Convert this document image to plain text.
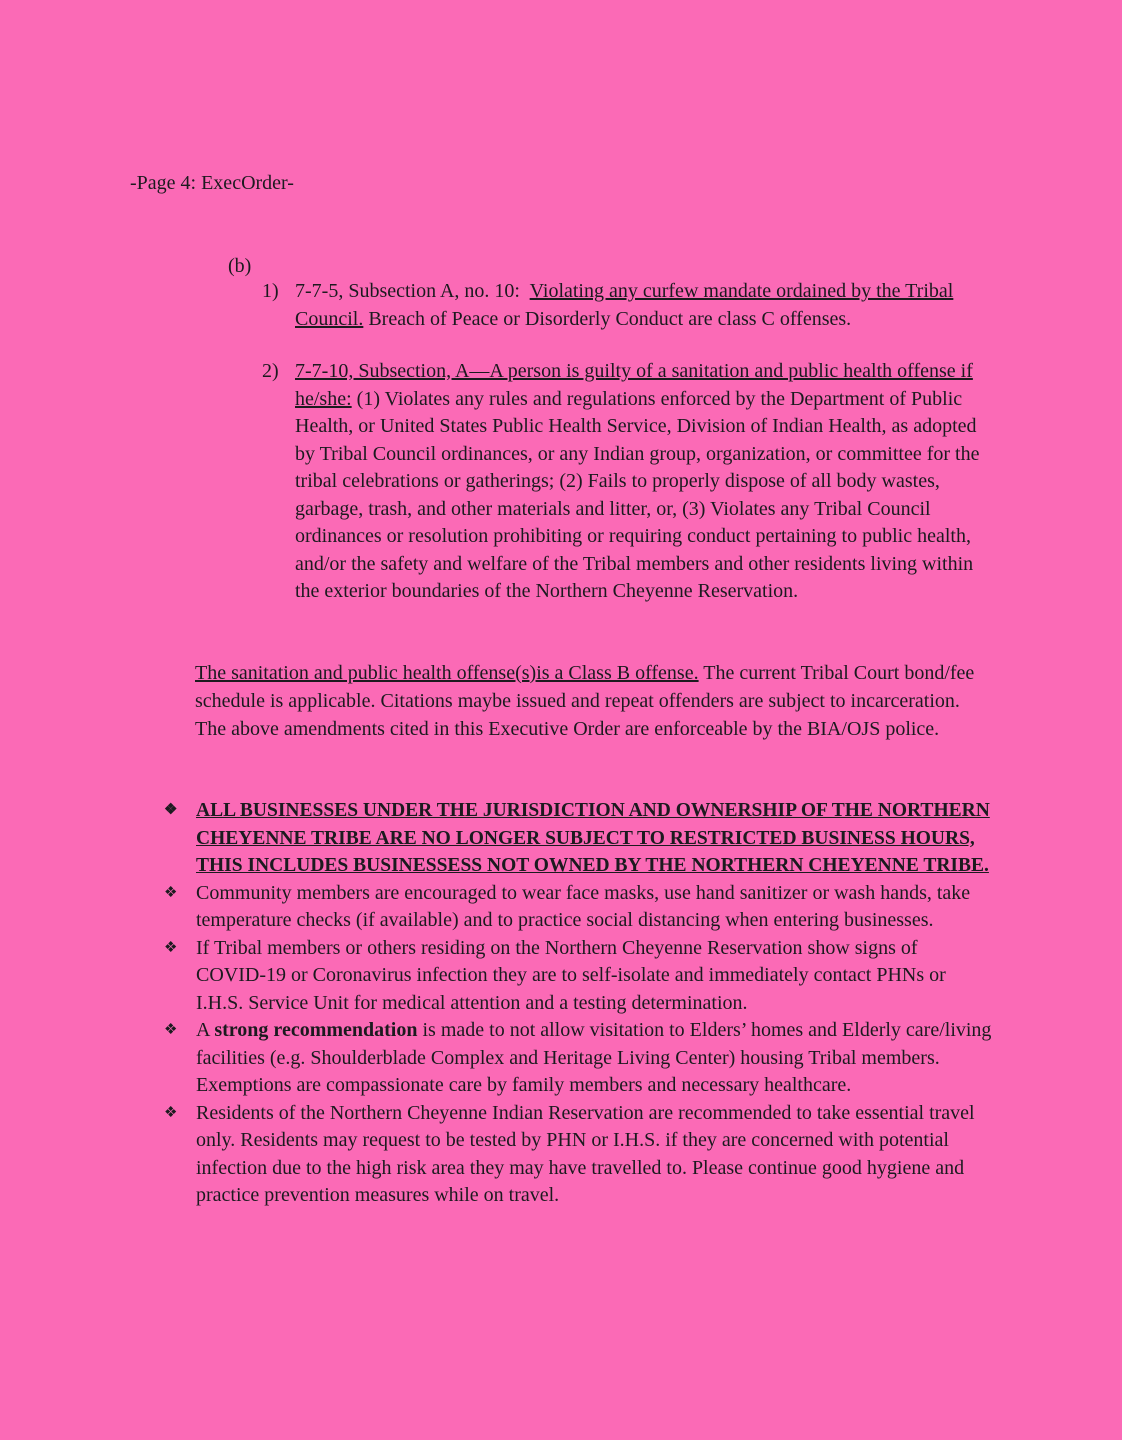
-Page 4: ExecOrder-
(b)
1) 7-7-5, Subsection A, no. 10: Violating any curfew mandate ordained by the Tribal Council. Breach of Peace or Disorderly Conduct are class C offenses.
2) 7-7-10, Subsection, A—A person is guilty of a sanitation and public health offense if he/she: (1) Violates any rules and regulations enforced by the Department of Public Health, or United States Public Health Service, Division of Indian Health, as adopted by Tribal Council ordinances, or any Indian group, organization, or committee for the tribal celebrations or gatherings; (2) Fails to properly dispose of all body wastes, garbage, trash, and other materials and litter, or, (3) Violates any Tribal Council ordinances or resolution prohibiting or requiring conduct pertaining to public health, and/or the safety and welfare of the Tribal members and other residents living within the exterior boundaries of the Northern Cheyenne Reservation.
The sanitation and public health offense(s)is a Class B offense. The current Tribal Court bond/fee schedule is applicable. Citations maybe issued and repeat offenders are subject to incarceration. The above amendments cited in this Executive Order are enforceable by the BIA/OJS police.
❖ ALL BUSINESSES UNDER THE JURISDICTION AND OWNERSHIP OF THE NORTHERN CHEYENNE TRIBE ARE NO LONGER SUBJECT TO RESTRICTED BUSINESS HOURS, THIS INCLUDES BUSINESSESS NOT OWNED BY THE NORTHERN CHEYENNE TRIBE.
❖ Community members are encouraged to wear face masks, use hand sanitizer or wash hands, take temperature checks (if available) and to practice social distancing when entering businesses.
❖ If Tribal members or others residing on the Northern Cheyenne Reservation show signs of COVID-19 or Coronavirus infection they are to self-isolate and immediately contact PHNs or I.H.S. Service Unit for medical attention and a testing determination.
❖ A strong recommendation is made to not allow visitation to Elders’ homes and Elderly care/living facilities (e.g. Shoulderblade Complex and Heritage Living Center) housing Tribal members. Exemptions are compassionate care by family members and necessary healthcare.
❖ Residents of the Northern Cheyenne Indian Reservation are recommended to take essential travel only. Residents may request to be tested by PHN or I.H.S. if they are concerned with potential infection due to the high risk area they may have travelled to. Please continue good hygiene and practice prevention measures while on travel.
